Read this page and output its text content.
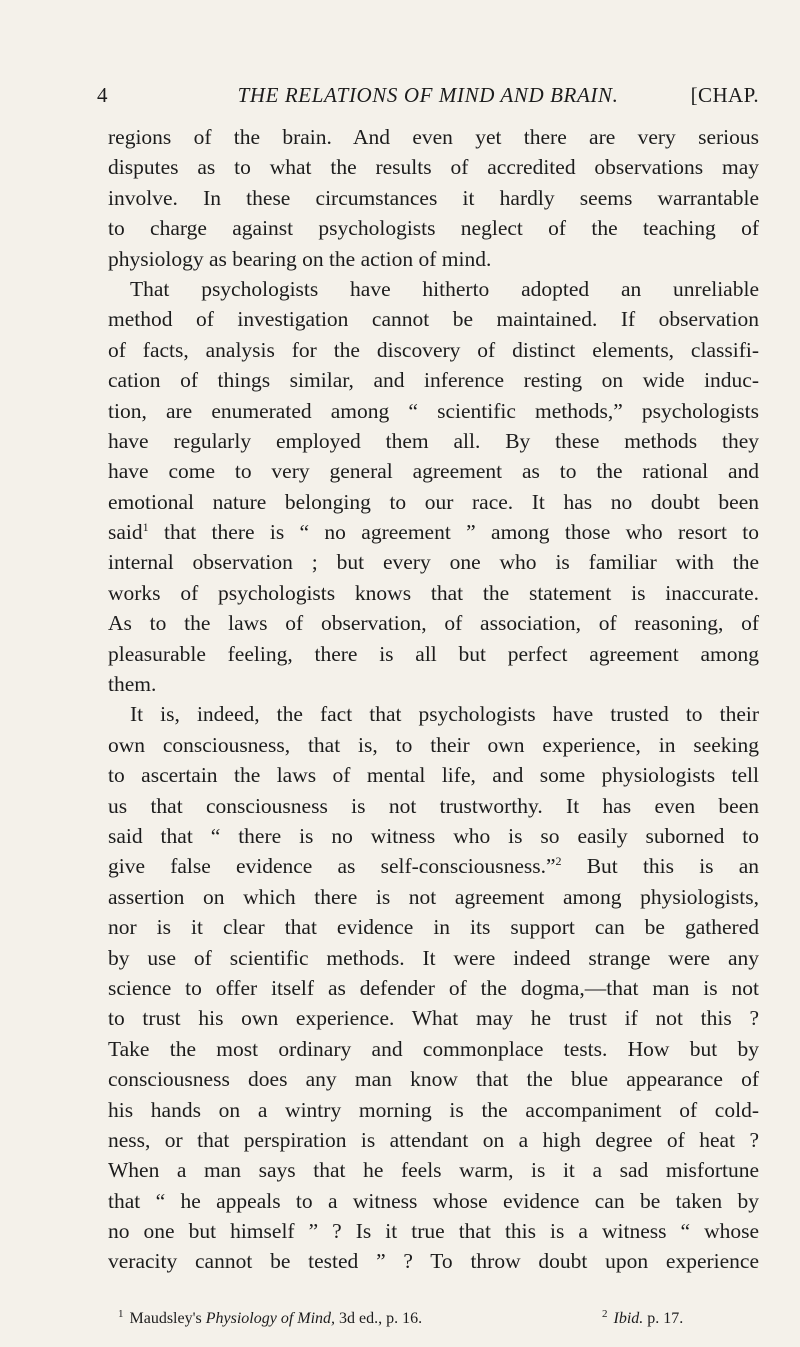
4	THE RELATIONS OF MIND AND BRAIN.	[CHAP.
regions of the brain. And even yet there are very serious
disputes as to what the results of accredited observations may
involve. In these circumstances it hardly seems warrantable
to charge against psychologists neglect of the teaching of
physiology as bearing on the action of mind.
That psychologists have hitherto adopted an unreliable
method of investigation cannot be maintained. If observation
of facts, analysis for the discovery of distinct elements, classifi-
cation of things similar, and inference resting on wide induc-
tion, are enumerated among “ scientific methods,” psychologists
have regularly employed them all. By these methods they
have come to very general agreement as to the rational and
emotional nature belonging to our race. It has no doubt been
said$^1$ that there is “ no agreement ” among those who resort to
internal observation ; but every one who is familiar with the
works of psychologists knows that the statement is inaccurate.
As to the laws of observation, of association, of reasoning, of
pleasurable feeling, there is all but perfect agreement among
them.
It is, indeed, the fact that psychologists have trusted to their
own consciousness, that is, to their own experience, in seeking
to ascertain the laws of mental life, and some physiologists tell
us that consciousness is not trustworthy. It has even been
said that “ there is no witness who is so easily suborned to
give false evidence as self-consciousness.”$^2$ But this is an
assertion on which there is not agreement among physiologists,
nor is it clear that evidence in its support can be gathered
by use of scientific methods. It were indeed strange were any
science to offer itself as defender of the dogma,—that man is not
to trust his own experience. What may he trust if not this ?
Take the most ordinary and commonplace tests. How but by
consciousness does any man know that the blue appearance of
his hands on a wintry morning is the accompaniment of cold-
ness, or that perspiration is attendant on a high degree of heat ?
When a man says that he feels warm, is it a sad misfortune
that “ he appeals to a witness whose evidence can be taken by
no one but himself ” ? Is it true that this is a witness “ whose
veracity cannot be tested ” ? To throw doubt upon experience
$^1$ Maudsley's Physiology of Mind, 3d ed., p. 16.	$^2$ Ibid. p. 17.
